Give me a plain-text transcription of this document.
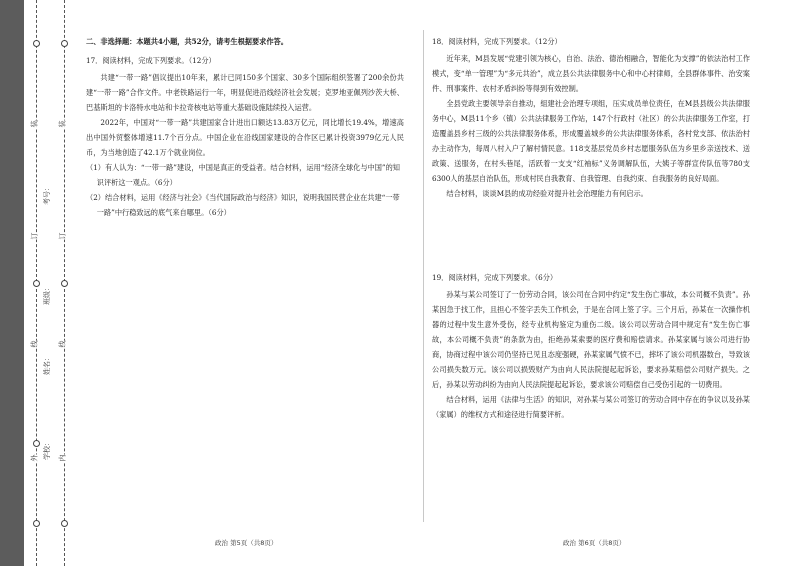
装
订
线
装
订
线
外	内
考号：
班级：
姓名：
学校：
二、非选择题：本题共4小题，共52分，请考生根据要求作答。
17．阅读材料，完成下列要求。（12分）

共建“一带一路”倡议提出10年来，累计已同150多个国家、30多个国际组织签署了200余份共建“一带一路”合作文件。中老铁路运行一年，明显促进沿线经济社会发展；克罗地亚佩列沙茨大桥、巴基斯坦的卡洛特水电站和卡拉奇核电站等重大基础设施陆续投入运营。

2022年，中国对“一带一路”共建国家合计进出口额达13.83万亿元，同比增长19.4%，增速高出中国外贸整体增速11.7个百分点。中国企业在沿线国家建设的合作区已累计投资3979亿元人民币，为当地创造了42.1万个就业岗位。

（1）有人认为：“一带一路”建设，中国是真正的受益者。结合材料，运用“经济全球化与中国”的知识评析这一观点。（6分）

（2）结合材料，运用《经济与社会》《当代国际政治与经济》知识，说明我国民营企业在共建“一带一路”中行稳致远的底气来自哪里。（6分）

18．阅读材料，完成下列要求。（12分）

近年来，M县发展“党建引领为核心，自治、法治、德治相融合，智能化为支撑”的依法治村工作模式，变“单一管理”为“多元共治”，成立县公共法律服务中心和中心村律师，全县群体事件、治安案件、刑事案件、农村矛盾纠纷等得到有效控制。

全县党政主要领导亲自推动，組建社会治理专项组，压实成员单位责任，在M县县级公共法律服务中心，M县11个乡（镇）公共法律服务工作站，147个行政村（社区）的公共法律服务工作室，打造覆盖县乡村三级的公共法律服务体系，形成覆盖城乡的公共法律服务体系，各村党支部、依法治村办主动作为，每周八村入户了解村情民意。118支基层党员乡村志愿服务队伍为乡里乡亲送技术、送政策、送服务，在村头巷尾，活跃着一支支“红袖标”义务调解队伍，大姨子等群宣传队伍等780支6300人的基层自治队伍，形成村民自我教育、自我管理、自我约束、自我服务的良好局面。

结合材料，谈谈M县的成功经验对提升社会治理能力有何启示。

19．阅读材料，完成下列要求。（6分）

孙某与某公司签订了一份劳动合同，该公司在合同中约定“发生伤亡事故，本公司概不负责”。孙某因急于找工作，且担心不签字丢失工作机会，于是在合同上签了字。三个月后，孙某在一次操作机器的过程中发生意外受伤，经专业机构鉴定为重伤二级。该公司以劳动合同中规定有“发生伤亡事故，本公司概不负责”的条款为由，拒绝孙某索要的医疗费和赔偿请求。孙某家属与该公司进行协商，协商过程中该公司仍坚持已见且态度强硬，孙某家属气愤不已，摔坏了该公司机器数台，导致该公司损失数万元。该公司以损毁财产为由向人民法院提起起诉讼，要求孙某赔偿公司财产损失。之后，孙某以劳动纠纷为由向人民法院提起起诉讼，要求该公司赔偿自己受伤引起的一切费用。

结合材料，运用《法律与生活》的知识，对孙某与某公司签订的劳动合同中存在的争议以及孙某（家属）的维权方式和途径进行简要评析。

政治 第5页（共8页）	政治 第6页（共8页）
